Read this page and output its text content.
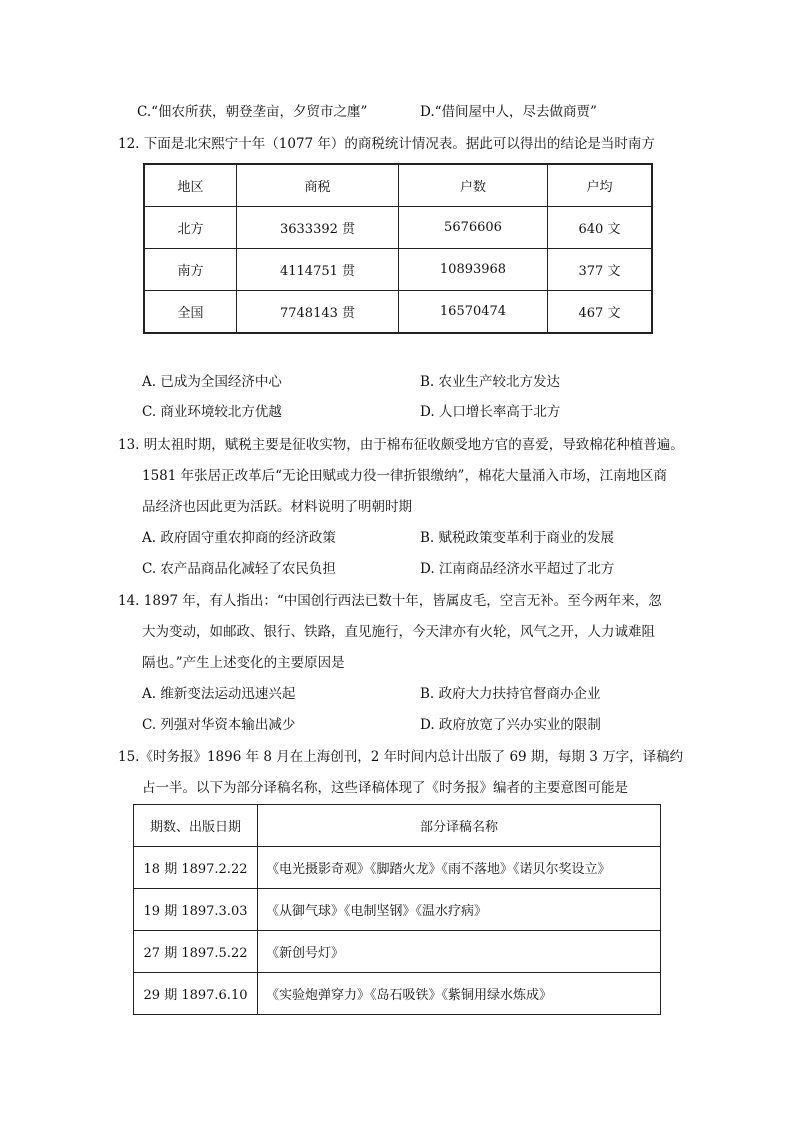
C.“佃农所获，朝登垄亩，夕贸市之廛”	D.“借间屋中人，尽去做商贾”
12. 下面是北宋熙宁十年（1077 年）的商税统计情况表。据此可以得出的结论是当时南方
地区	商税	户数	户均
北方	3633392 贯	5676606	640 文
南方	4114751 贯	10893968	377 文
全国	7748143 贯	16570474	467 文
A. 已成为全国经济中心	B. 农业生产较北方发达
C. 商业环境较北方优越	D. 人口增长率高于北方
13. 明太祖时期，赋税主要是征收实物，由于棉布征收颇受地方官的喜爱，导致棉花种植普遍。
1581 年张居正改革后“无论田赋或力役一律折银缴纳”，棉花大量涌入市场，江南地区商
品经济也因此更为活跃。材料说明了明朝时期
A. 政府固守重农抑商的经济政策	B. 赋税政策变革利于商业的发展
C. 农产品商品化减轻了农民负担	D. 江南商品经济水平超过了北方
14. 1897 年，有人指出：“中国创行西法已数十年，皆属皮毛，空言无补。至今两年来，忽
大为变动，如邮政、银行、铁路，直见施行，今天津亦有火轮，风气之开，人力诚难阻
隔也。”产生上述变化的主要原因是
A. 维新变法运动迅速兴起	B. 政府大力扶持官督商办企业
C. 列强对华资本输出减少	D. 政府放宽了兴办实业的限制
15.《时务报》1896 年 8 月在上海创刊，2 年时间内总计出版了 69 期，每期 3 万字，译稿约
占一半。以下为部分译稿名称，这些译稿体现了《时务报》编者的主要意图可能是
期数、出版日期	部分译稿名称
18 期 1897.2.22	《电光摄影奇观》《脚踏火龙》《雨不落地》《诺贝尔奖设立》
19 期 1897.3.03	《从御气球》《电制坚钢》《温水疗病》
27 期 1897.5.22	《新创号灯》
29 期 1897.6.10	《实验炮弹穿力》《岛石吸铁》《紫铜用绿水炼成》
